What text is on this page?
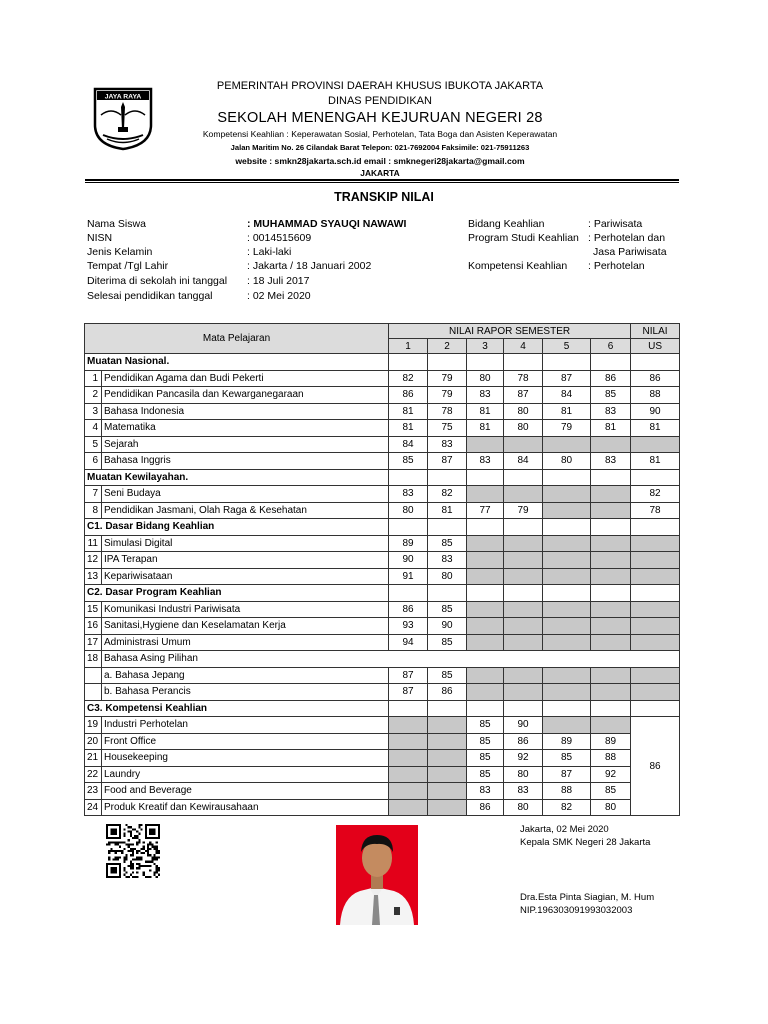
JAYA RAYA
PEMERINTAH PROVINSI DAERAH KHUSUS IBUKOTA JAKARTA
DINAS PENDIDIKAN
SEKOLAH MENENGAH KEJURUAN NEGERI 28
Kompetensi Keahlian : Keperawatan Sosial, Perhotelan, Tata Boga dan Asisten Keperawatan
Jalan Maritim No. 26 Cilandak Barat Telepon: 021-7692004 Faksimile: 021-75911263
website : smkn28jakarta.sch.id email : smknegeri28jakarta@gmail.com
JAKARTA
TRANSKIP NILAI
Nama Siswa	: MUHAMMAD SYAUQI NAWAWI
NISN	: 0014515609
Jenis Kelamin	: Laki-laki
Tempat /Tgl Lahir	: Jakarta / 18 Januari 2002
Diterima di sekolah ini tanggal : 18 Juli 2017
Selesai pendidikan tanggal	: 02 Mei 2020
Bidang Keahlian	: Pariwisata
Program Studi Keahlian : Perhotelan dan
Jasa Pariwisata
Kompetensi Keahlian : Perhotelan
Mata Pelajaran		NILAI RAPOR SEMESTER						NILAI
		1	2	3	4	5	6	US
Muatan Nasional.								
1	Pendidikan Agama dan Budi Pekerti	82	79	80	78	87	86	86
2	Pendidikan Pancasila dan Kewarganegaraan	86	79	83	87	84	85	88
3	Bahasa Indonesia	81	78	81	80	81	83	90
4	Matematika	81	75	81	80	79	81	81
5	Sejarah	84	83					
6	Bahasa Inggris	85	87	83	84	80	83	81
Muatan Kewilayahan.								
7	Seni Budaya	83	82					82
8	Pendidikan Jasmani, Olah Raga & Kesehatan	80	81	77	79			78
C1. Dasar Bidang Keahlian								
11	Simulasi Digital	89	85					
12	IPA Terapan	90	83					
13	Kepariwisataan	91	80					
C2. Dasar Program Keahlian								
15	Komunikasi Industri Pariwisata	86	85					
16	Sanitasi,Hygiene dan Keselamatan Kerja	93	90					
17	Administrasi Umum	94	85					
18	Bahasa Asing Pilihan							
	a. Bahasa Jepang	87	85					
	b. Bahasa Perancis	87	86					
C3. Kompetensi Keahlian								
19	Industri Perhotelan			85	90			86
20	Front Office			85	86	89	89	
21	Housekeeping			85	92	85	88	
22	Laundry			85	80	87	92	
23	Food and Beverage			83	83	88	85	
24	Produk Kreatif dan Kewirausahaan			86	80	82	80	
Jakarta, 02 Mei 2020
Kepala SMK Negeri 28 Jakarta
Dra.Esta Pinta Siagian, M. Hum
NIP.196303091993032003
